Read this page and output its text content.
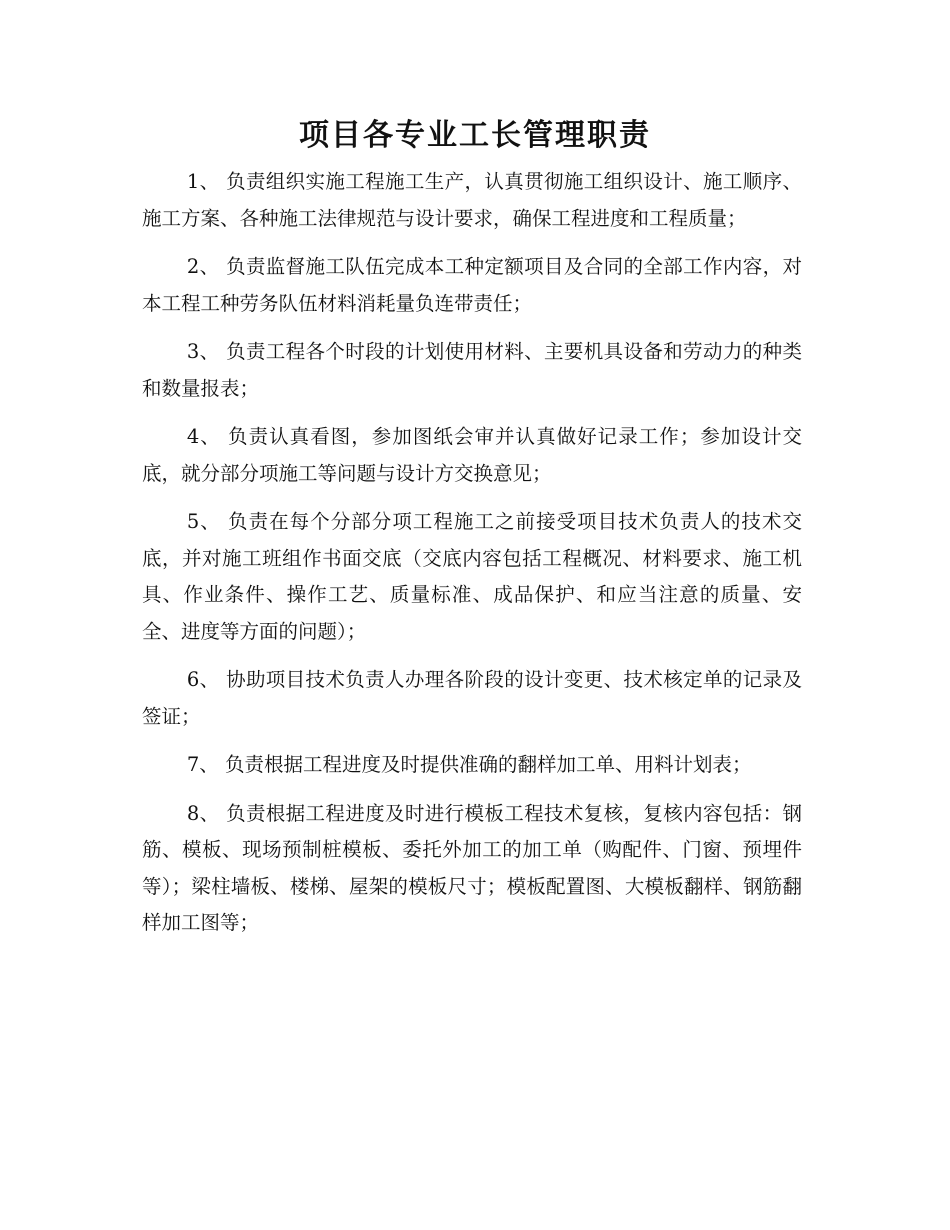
项目各专业工长管理职责

1、 负责组织实施工程施工生产，认真贯彻施工组织设计、施工顺序、施工方案、各种施工法律规范与设计要求，确保工程进度和工程质量；

2、 负责监督施工队伍完成本工种定额项目及合同的全部工作内容，对本工程工种劳务队伍材料消耗量负连带责任；

3、 负责工程各个时段的计划使用材料、主要机具设备和劳动力的种类和数量报表；

4、 负责认真看图，参加图纸会审并认真做好记录工作；参加设计交底，就分部分项施工等问题与设计方交换意见；

5、 负责在每个分部分项工程施工之前接受项目技术负责人的技术交底，并对施工班组作书面交底（交底内容包括工程概况、材料要求、施工机具、作业条件、操作工艺、质量标准、成品保护、和应当注意的质量、安全、进度等方面的问题）；

6、 协助项目技术负责人办理各阶段的设计变更、技术核定单的记录及签证；

7、 负责根据工程进度及时提供准确的翻样加工单、用料计划表；

8、 负责根据工程进度及时进行模板工程技术复核，复核内容包括：钢筋、模板、现场预制桩模板、委托外加工的加工单（购配件、门窗、预埋件等）；梁柱墙板、楼梯、屋架的模板尺寸；模板配置图、大模板翻样、钢筋翻样加工图等；
